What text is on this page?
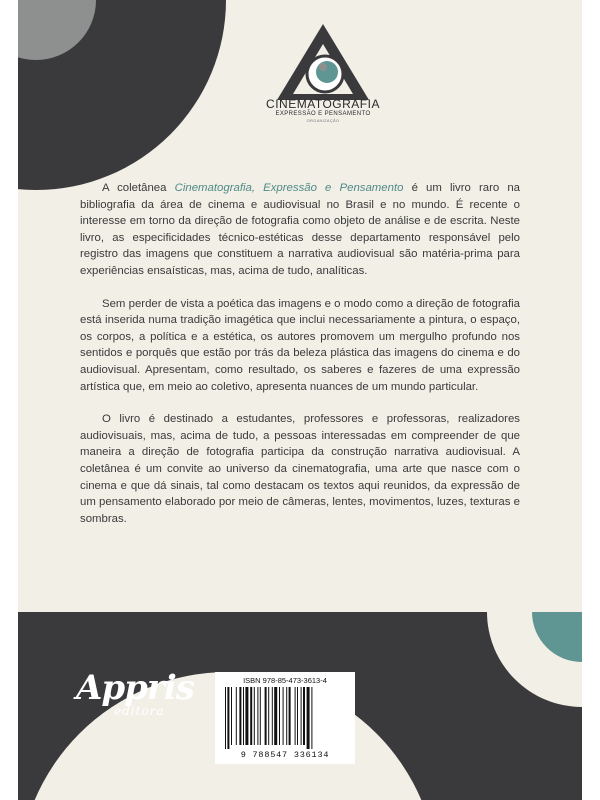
CINEMATOGRAFIA
EXPRESSÃO E PENSAMENTO
ORGANIZAÇÃO

A coletânea Cinematografia, Expressão e Pensamento é um livro raro na bibliografia da área de cinema e audiovisual no Brasil e no mundo. É recente o interesse em torno da direção de fotografia como objeto de análise e de escrita. Neste livro, as especificidades técnico-estéticas desse departamento responsável pelo registro das imagens que constituem a narrativa audiovisual são matéria-prima para experiências ensaísticas, mas, acima de tudo, analíticas.

Sem perder de vista a poética das imagens e o modo como a direção de fotografia está inserida numa tradição imagética que inclui necessariamente a pintura, o espaço, os corpos, a política e a estética, os autores promovem um mergulho profundo nos sentidos e porquês que estão por trás da beleza plástica das imagens do cinema e do audiovisual. Apresentam, como resultado, os saberes e fazeres de uma expressão artística que, em meio ao coletivo, apresenta nuances de um mundo particular.

O livro é destinado a estudantes, professores e professoras, realizadores audiovisuais, mas, acima de tudo, a pessoas interessadas em compreender de que maneira a direção de fotografia participa da construção narrativa audiovisual. A coletânea é um convite ao universo da cinematografia, uma arte que nasce com o cinema e que dá sinais, tal como destacam os textos aqui reunidos, da expressão de um pensamento elaborado por meio de câmeras, lentes, movimentos, luzes, texturas e sombras.

Appris
editora
ISBN 978-85-473-3613-4
9 788547 336134
